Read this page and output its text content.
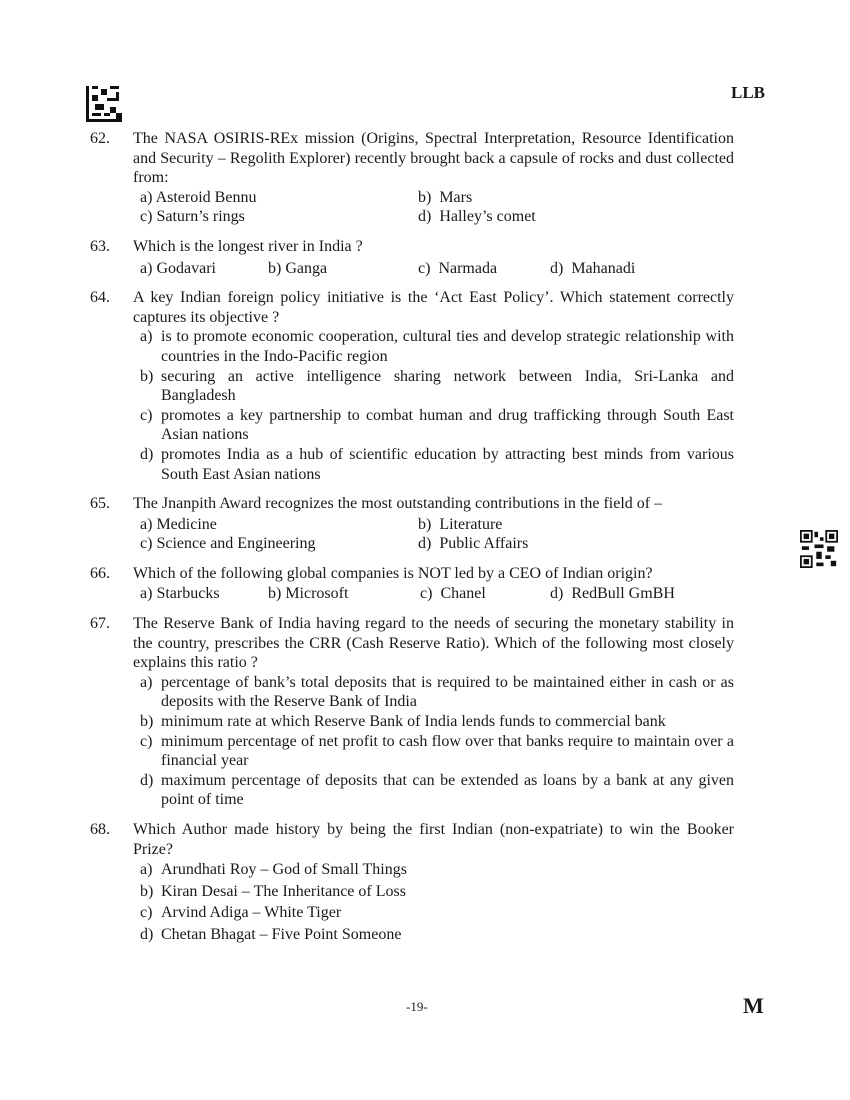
LLB
62. The NASA OSIRIS-REx mission (Origins, Spectral Interpretation, Resource Identification and Security – Regolith Explorer) recently brought back a capsule of rocks and dust collected from:
a) Asteroid Bennu	b) Mars
c) Saturn’s rings	d) Halley’s comet
63. Which is the longest river in India ?
a) Godavari	b) Ganga	c) Narmada	d) Mahanadi
64. A key Indian foreign policy initiative is the ‘Act East Policy’. Which statement correctly captures its objective ?
a) is to promote economic cooperation, cultural ties and develop strategic relationship with countries in the Indo-Pacific region
b) securing an active intelligence sharing network between India, Sri-Lanka and Bangladesh
c) promotes a key partnership to combat human and drug trafficking through South East Asian nations
d) promotes India as a hub of scientific education by attracting best minds from various South East Asian nations
65. The Jnanpith Award recognizes the most outstanding contributions in the field of –
a) Medicine	b) Literature
c) Science and Engineering	d) Public Affairs
66. Which of the following global companies is NOT led by a CEO of Indian origin?
a) Starbucks	b) Microsoft	c) Chanel	d) RedBull GmBH
67. The Reserve Bank of India having regard to the needs of securing the monetary stability in the country, prescribes the CRR (Cash Reserve Ratio). Which of the following most closely explains this ratio ?
a) percentage of bank’s total deposits that is required to be maintained either in cash or as deposits with the Reserve Bank of India
b) minimum rate at which Reserve Bank of India lends funds to commercial bank
c) minimum percentage of net profit to cash flow over that banks require to maintain over a financial year
d) maximum percentage of deposits that can be extended as loans by a bank at any given point of time
68. Which Author made history by being the first Indian (non-expatriate) to win the Booker Prize?
a) Arundhati Roy – God of Small Things
b) Kiran Desai – The Inheritance of Loss
c) Arvind Adiga – White Tiger
d) Chetan Bhagat – Five Point Someone
-19-	M
